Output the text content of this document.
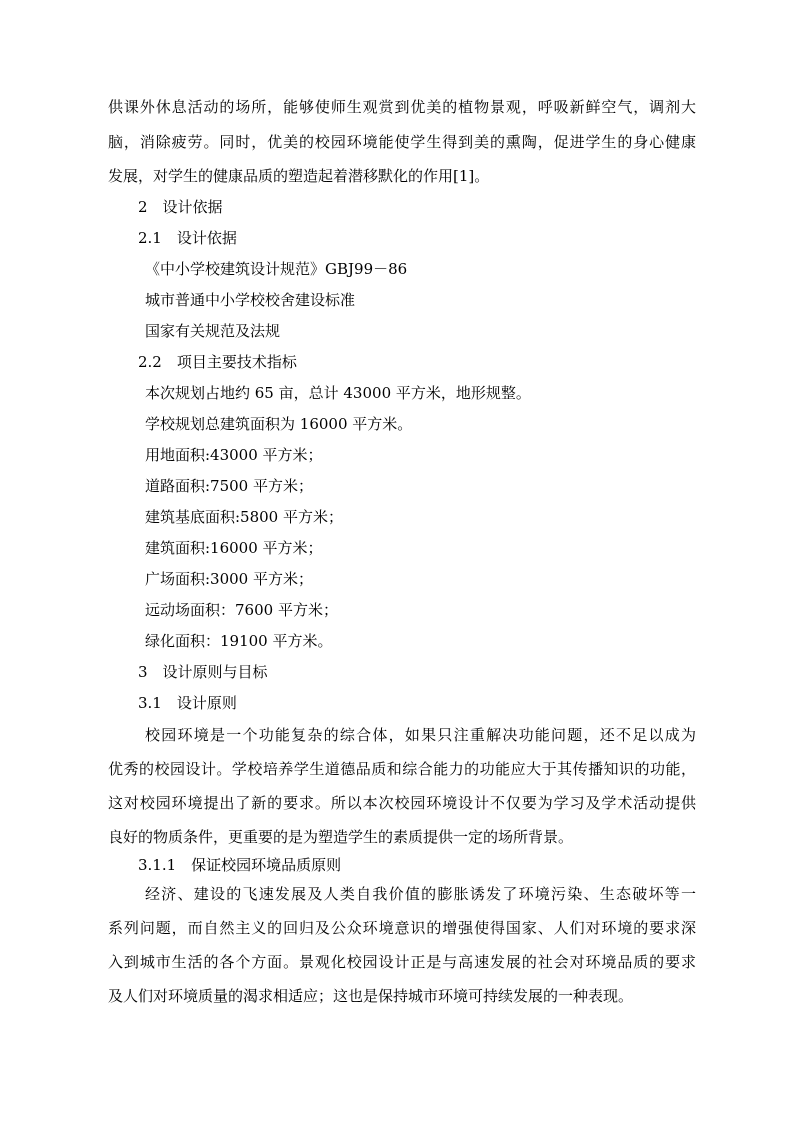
供课外休息活动的场所，能够使师生观赏到优美的植物景观，呼吸新鲜空气，调剂大
脑，消除疲劳。同时，优美的校园环境能使学生得到美的熏陶，促进学生的身心健康
发展，对学生的健康品质的塑造起着潜移默化的作用[1]。
2　设计依据
2.1　设计依据
《中小学校建筑设计规范》GBJ99－86
城市普通中小学校校舍建设标准
国家有关规范及法规
2.2　项目主要技术指标
本次规划占地约 65 亩，总计 43000 平方米，地形规整。
学校规划总建筑面积为 16000 平方米。
用地面积:43000 平方米；
道路面积:7500 平方米；
建筑基底面积:5800 平方米；
建筑面积:16000 平方米；
广场面积:3000 平方米；
远动场面积：7600 平方米；
绿化面积：19100 平方米。
3　设计原则与目标
3.1　设计原则
校园环境是一个功能复杂的综合体，如果只注重解决功能问题，还不足以成为
优秀的校园设计。学校培养学生道德品质和综合能力的功能应大于其传播知识的功能，
这对校园环境提出了新的要求。所以本次校园环境设计不仅要为学习及学术活动提供
良好的物质条件，更重要的是为塑造学生的素质提供一定的场所背景。
3.1.1　保证校园环境品质原则
经济、建设的飞速发展及人类自我价值的膨胀诱发了环境污染、生态破坏等一
系列问题，而自然主义的回归及公众环境意识的增强使得国家、人们对环境的要求深
入到城市生活的各个方面。景观化校园设计正是与高速发展的社会对环境品质的要求
及人们对环境质量的渴求相适应；这也是保持城市环境可持续发展的一种表现。
